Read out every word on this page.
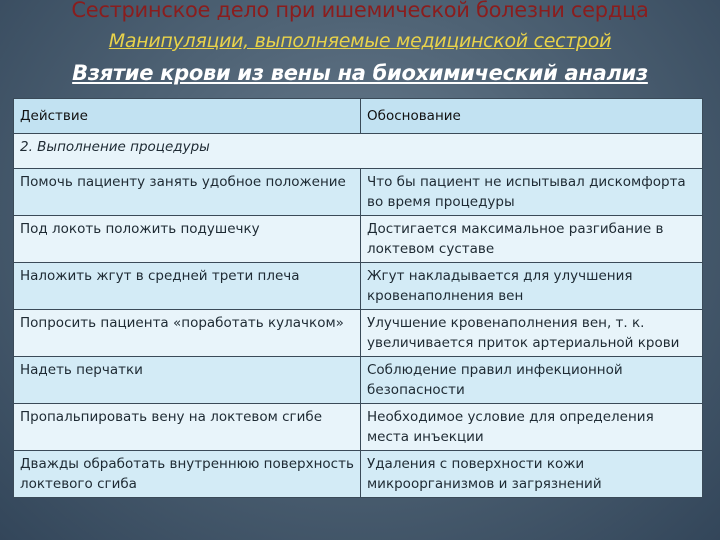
Сестринское дело при ишемической болезни сердца
Манипуляции, выполняемые медицинской сестрой
Взятие крови из вены на биохимический анализ
Действие	Обоснование
2. Выполнение процедуры	
Помочь пациенту занять удобное положение	Что бы пациент не испытывал дискомфорта во время процедуры
Под локоть положить подушечку	Достигается максимальное разгибание в локтевом суставе
Наложить жгут в средней трети плеча	Жгут накладывается для улучшения кровенаполнения вен
Попросить пациента «поработать кулачком»	Улучшение кровенаполнения вен, т. к. увеличивается приток артериальной крови
Надеть перчатки	Соблюдение правил инфекционной безопасности
Пропальпировать вену на локтевом сгибе	Необходимое условие для определения места инъекции
Дважды обработать внутреннюю поверхность локтевого сгиба	Удаления с поверхности кожи микроорганизмов и загрязнений
